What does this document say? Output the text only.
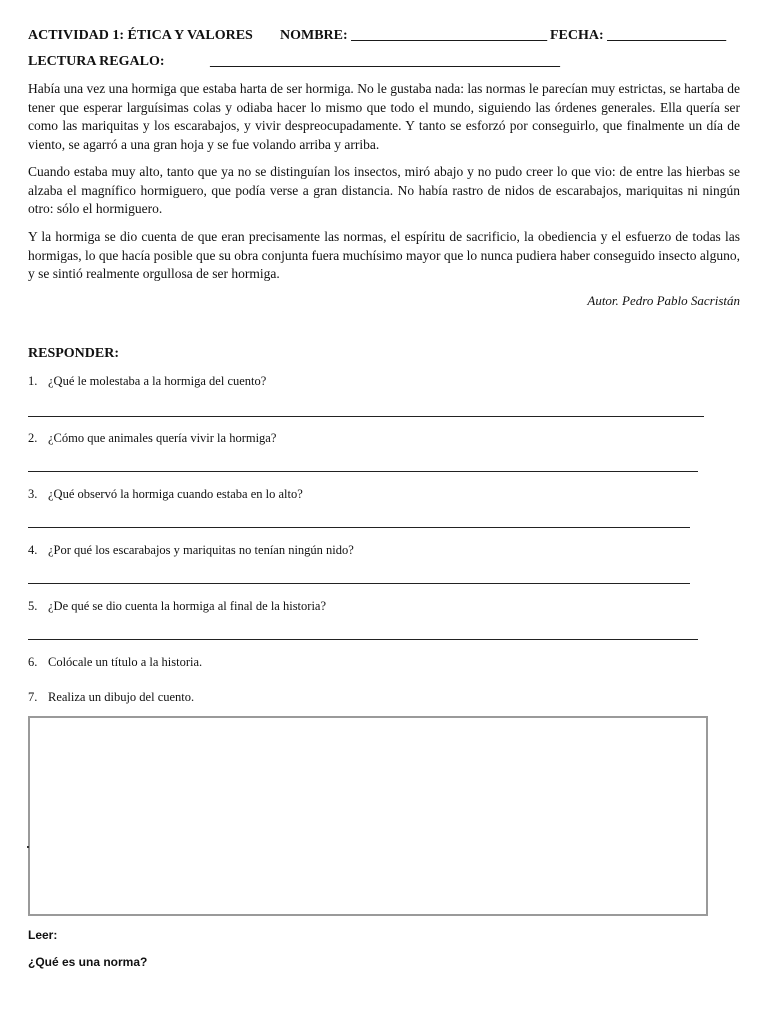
ACTIVIDAD 1: ÉTICA Y VALORES NOMBRE: ____________________________ FECHA: _________________
LECTURA REGALO:	__________________________________________________

Había una vez una hormiga que estaba harta de ser hormiga. No le gustaba nada: las normas le parecían muy estrictas, se hartaba de tener que esperar larguísimas colas y odiaba hacer lo mismo que todo el mundo, siguiendo las órdenes generales. Ella quería ser como las mariquitas y los escarabajos, y vivir despreocupadamente. Y tanto se esforzó por conseguirlo, que finalmente un día de viento, se agarró a una gran hoja y se fue volando arriba y arriba.

Cuando estaba muy alto, tanto que ya no se distinguían los insectos, miró abajo y no pudo creer lo que vio: de entre las hierbas se alzaba el magnífico hormiguero, que podía verse a gran distancia. No había rastro de nidos de escarabajos, mariquitas ni ningún otro: sólo el hormiguero.

Y la hormiga se dio cuenta de que eran precisamente las normas, el espíritu de sacrificio, la obediencia y el esfuerzo de todas las hormigas, lo que hacía posible que su obra conjunta fuera muchísimo mayor que lo nunca pudiera haber conseguido insecto alguno, y se sintió realmente orgullosa de ser hormiga.

Autor. Pedro Pablo Sacristán
RESPONDER:
1. ¿Qué le molestaba a la hormiga del cuento?
2. ¿Cómo que animales quería vivir la hormiga?
3. ¿Qué observó la hormiga cuando estaba en lo alto?
4. ¿Por qué los escarabajos y mariquitas no tenían ningún nido?
5. ¿De qué se dio cuenta la hormiga al final de la historia?
6. Colócale un título a la historia.
7. Realiza un dibujo del cuento.
Leer:
¿Qué es una norma?
